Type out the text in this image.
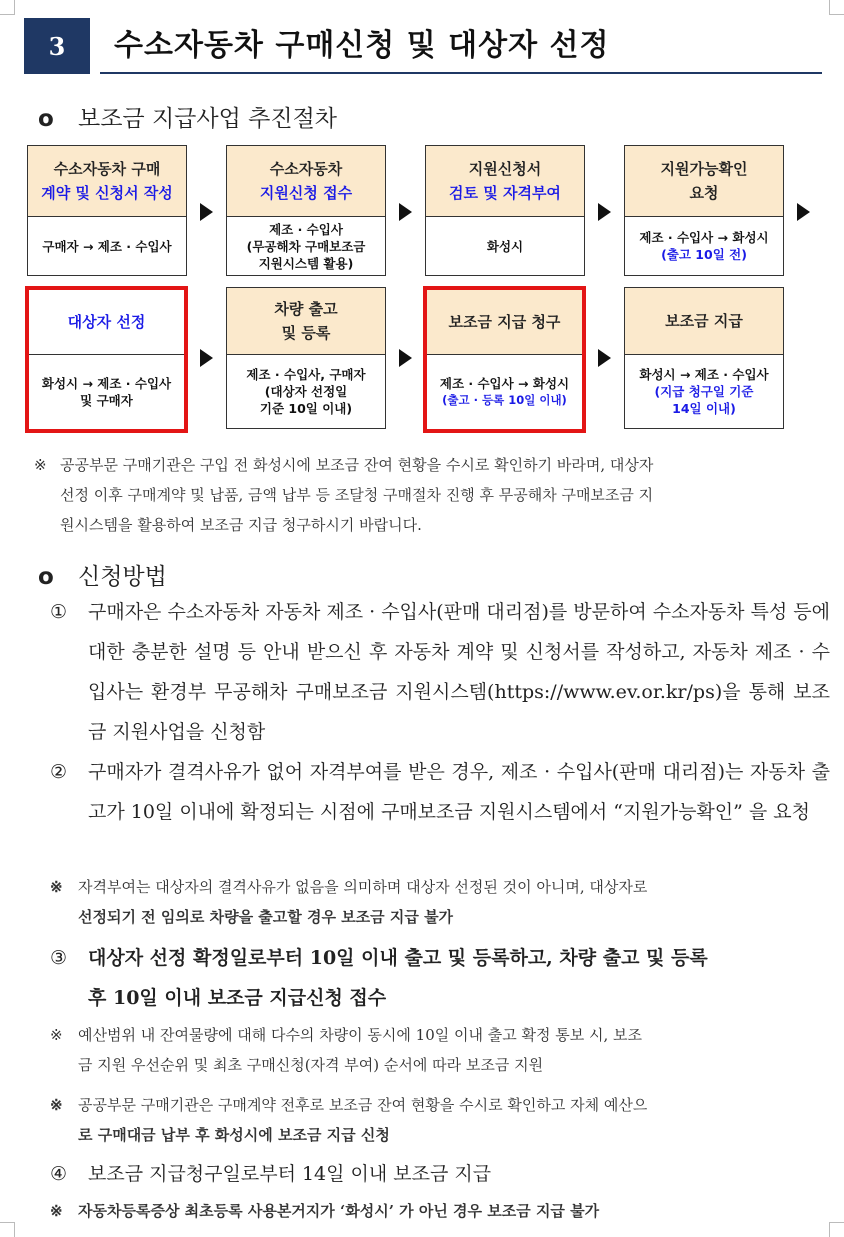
3	수소자동차 구매신청 및 대상자 선정
o 보조금 지급사업 추진절차
수소자동차 구매
계약 및 신청서 작성
구매자 → 제조 · 수입사
수소자동차
지원신청 접수
제조 · 수입사
(무공해차 구매보조금
지원시스템 활용)
지원신청서
검토 및 자격부여
화성시
지원가능확인
요청
제조 · 수입사 → 화성시
(출고 10일 전)
대상자 선정
화성시 → 제조 · 수입사
및 구매자
차량 출고
및 등록
제조 · 수입사, 구매자
(대상자 선정일
기준 10일 이내)
보조금 지급 청구
제조 · 수입사 → 화성시
(출고 · 등록 10일 이내)
보조금 지급
화성시 → 제조 · 수입사
(지급 청구일 기준 14일 이내)
※ 공공부문 구매기관은 구입 전 화성시에 보조금 잔여 현황을 수시로 확인하기 바라며, 대상자
선정 이후 구매계약 및 납품, 금액 납부 등 조달청 구매절차 진행 후 무공해차 구매보조금 지
원시스템을 활용하여 보조금 지급 청구하시기 바랍니다.
o 신청방법
①	구매자은 수소자동차 자동차 제조 · 수입사(판매 대리점)를 방문하여 수소자동차 특성 등에 대한 충분한 설명 등 안내 받으신 후 자동차 계약 및 신청서를 작성하고, 자동차 제조 · 수입사는 환경부 무공해차 구매보조금 지원시스템(https://www.ev.or.kr/ps)을 통해 보조금 지원사업을 신청함
②	구매자가 결격사유가 없어 자격부여를 받은 경우, 제조 · 수입사(판매 대리점)는 자동차 출고가 10일 이내에 확정되는 시점에 구매보조금 지원시스템에서 “지원가능확인” 을 요청
※ 자격부여는 대상자의 결격사유가 없음을 의미하며 대상자 선정된 것이 아니며, 대상자로
선정되기 전 임의로 차량을 출고할 경우 보조금 지급 불가
③ 대상자 선정 확정일로부터 10일 이내 출고 및 등록하고, 차량 출고 및 등록
후 10일 이내 보조금 지급신청 접수
※ 예산범위 내 잔여물량에 대해 다수의 차량이 동시에 10일 이내 출고 확정 통보 시, 보조
금 지원 우선순위 및 최초 구매신청(자격 부여) 순서에 따라 보조금 지원
※ 공공부문 구매기관은 구매계약 전후로 보조금 잔여 현황을 수시로 확인하고 자체 예산으
로 구매대금 납부 후 화성시에 보조금 지급 신청
④ 보조금 지급청구일로부터 14일 이내 보조금 지급
※ 자동차등록증상 최초등록 사용본거지가 ‘화성시’ 가 아닌 경우 보조금 지급 불가
